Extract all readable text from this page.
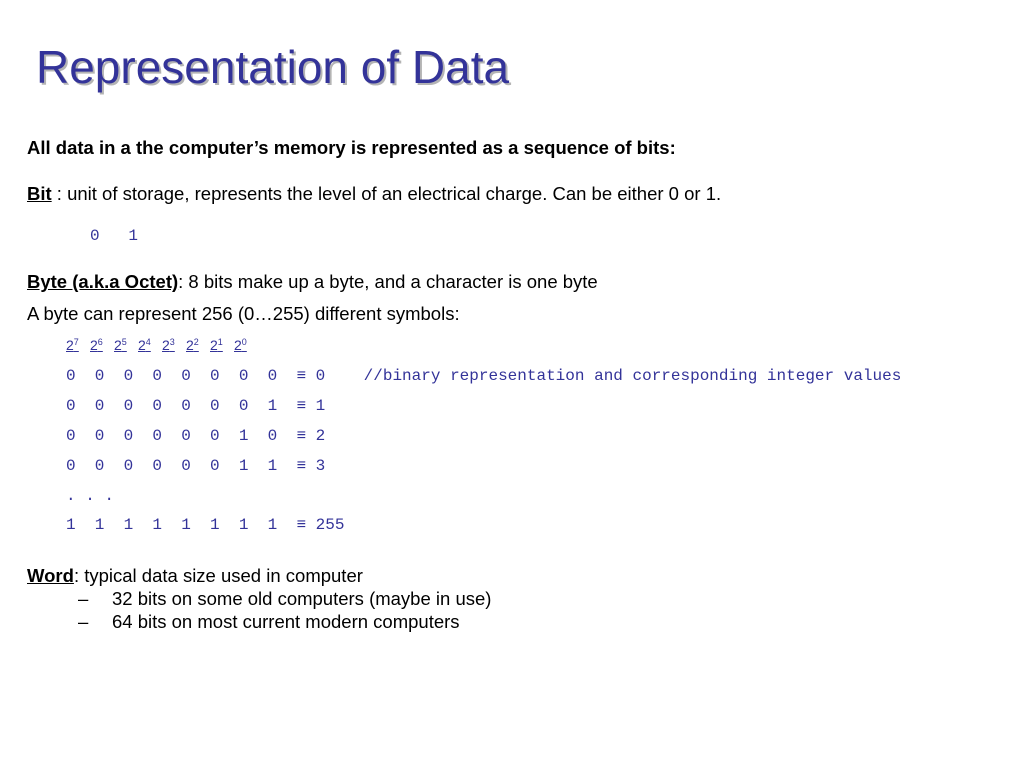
Representation of Data
All data in a the computer’s memory is represented as a sequence of bits:
Bit : unit of storage, represents the level of an electrical charge. Can be either 0 or 1.
0   1
Byte (a.k.a Octet): 8 bits make up a byte, and a character is one byte
A byte can represent 256 (0…255) different symbols:
$2^7$ $2^6$ $2^5$ $2^4$ $2^3$ $2^2$ $2^1$ $2^0$
0  0  0  0  0  0  0  0  ≡ 0    //binary representation and corresponding integer values
0  0  0  0  0  0  0  1  ≡ 1
0  0  0  0  0  0  1  0  ≡ 2
0  0  0  0  0  0  1  1  ≡ 3
. . .
1  1  1  1  1  1  1  1  ≡ 255
Word: typical data size used in computer
– 32 bits on some old computers (maybe in use)
– 64 bits on most current modern computers
